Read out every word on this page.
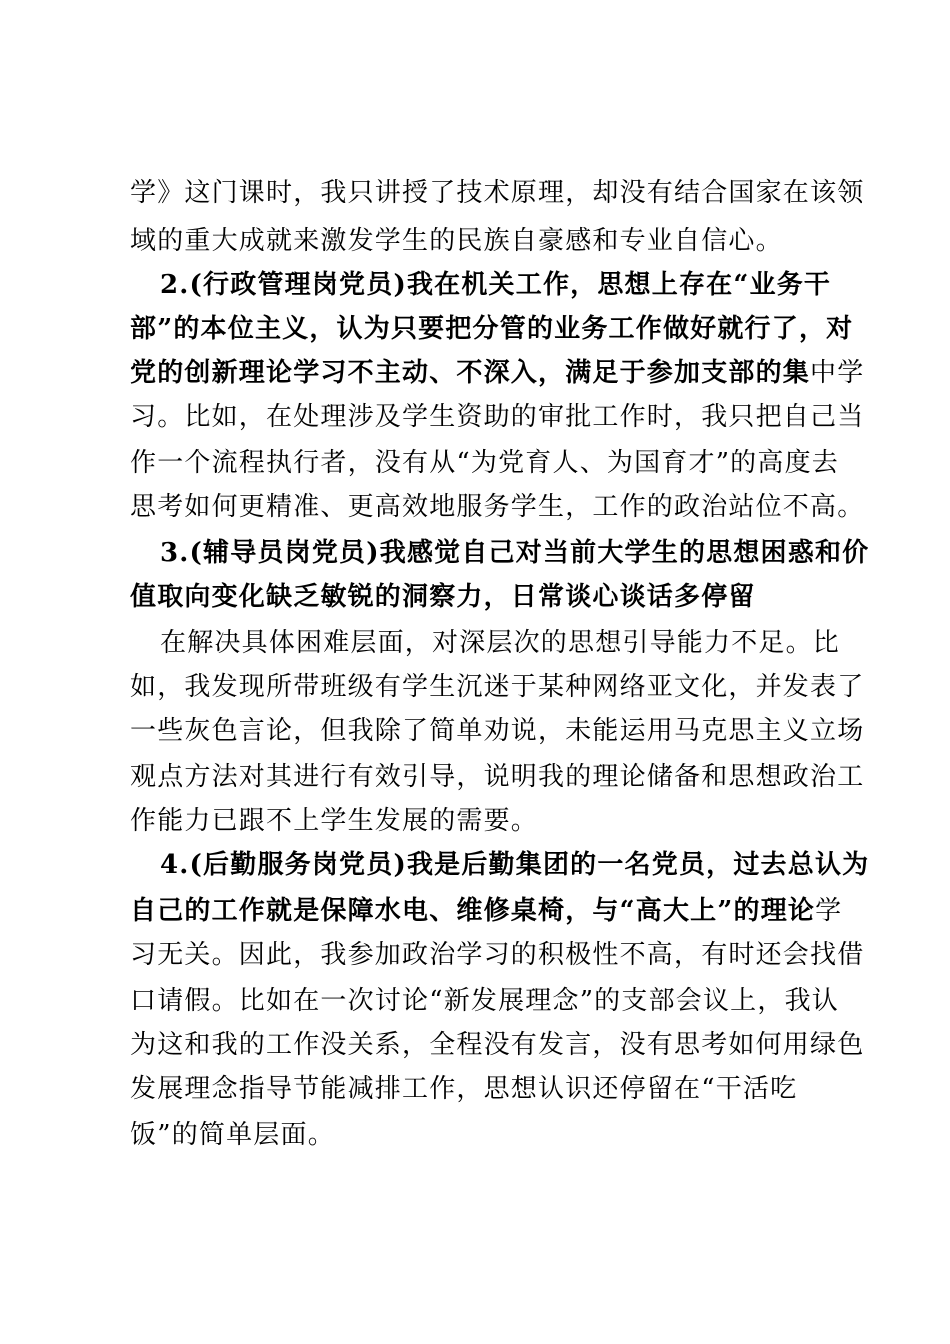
学》这门课时，我只讲授了技术原理，却没有结合国家在该领
域的重大成就来激发学生的民族自豪感和专业自信心。
2.(行政管理岗党员)我在机关工作，思想上存在“业务干
部”的本位主义，认为只要把分管的业务工作做好就行了，对
党的创新理论学习不主动、不深入，满足于参加支部的集中学
习。比如，在处理涉及学生资助的审批工作时，我只把自己当
作一个流程执行者，没有从“为党育人、为国育才”的高度去
思考如何更精准、更高效地服务学生，工作的政治站位不高。
3.(辅导员岗党员)我感觉自己对当前大学生的思想困惑和价
值取向变化缺乏敏锐的洞察力，日常谈心谈话多停留
在解决具体困难层面，对深层次的思想引导能力不足。比
如，我发现所带班级有学生沉迷于某种网络亚文化，并发表了
一些灰色言论，但我除了简单劝说，未能运用马克思主义立场
观点方法对其进行有效引导，说明我的理论储备和思想政治工
作能力已跟不上学生发展的需要。
4.(后勤服务岗党员)我是后勤集团的一名党员，过去总认为
自己的工作就是保障水电、维修桌椅，与“高大上”的理论学
习无关。因此，我参加政治学习的积极性不高，有时还会找借
口请假。比如在一次讨论“新发展理念”的支部会议上，我认
为这和我的工作没关系，全程没有发言，没有思考如何用绿色
发展理念指导节能减排工作，思想认识还停留在“干活吃
饭”的简单层面。
